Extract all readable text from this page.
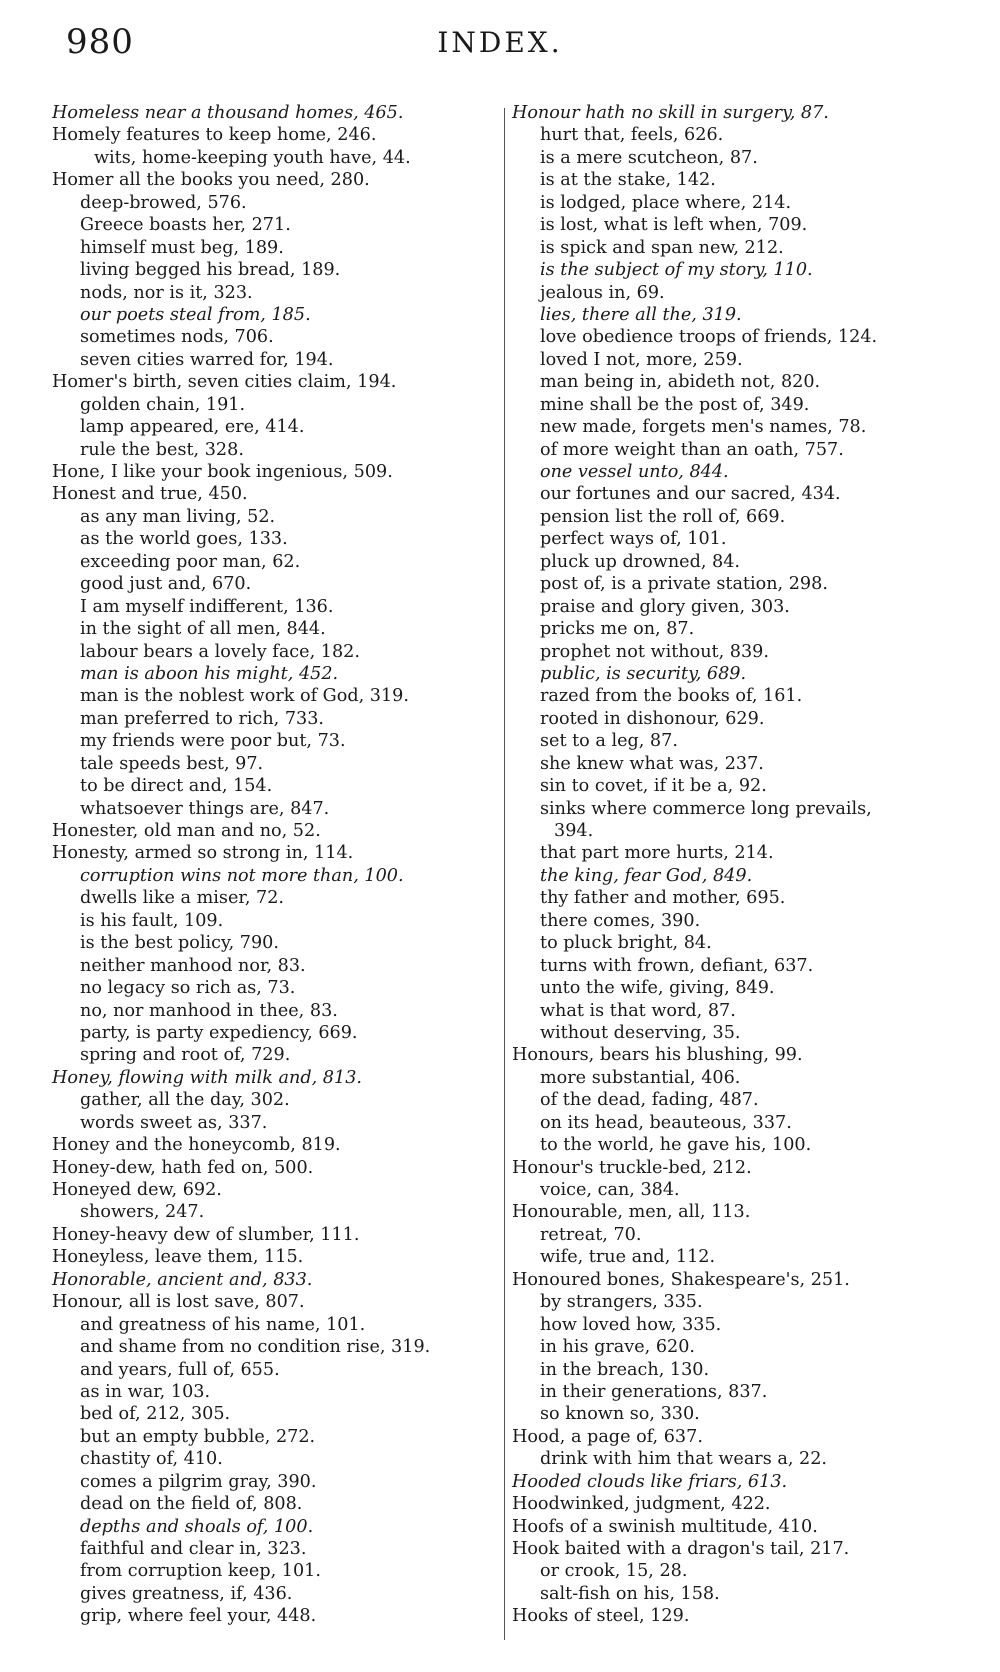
980	INDEX.
Homeless near a thousand homes, 465.
Homely features to keep home, 246.
wits, home-keeping youth have, 44.
Homer all the books you need, 280.
deep-browed, 576.
Greece boasts her, 271.
himself must beg, 189.
living begged his bread, 189.
nods, nor is it, 323.
our poets steal from, 185.
sometimes nods, 706.
seven cities warred for, 194.
Homer's birth, seven cities claim, 194.
golden chain, 191.
lamp appeared, ere, 414.
rule the best, 328.
Hone, I like your book ingenious, 509.
Honest and true, 450.
as any man living, 52.
as the world goes, 133.
exceeding poor man, 62.
good just and, 670.
I am myself indifferent, 136.
in the sight of all men, 844.
labour bears a lovely face, 182.
man is aboon his might, 452.
man is the noblest work of God, 319.
man preferred to rich, 733.
my friends were poor but, 73.
tale speeds best, 97.
to be direct and, 154.
whatsoever things are, 847.
Honester, old man and no, 52.
Honesty, armed so strong in, 114.
corruption wins not more than, 100.
dwells like a miser, 72.
is his fault, 109.
is the best policy, 790.
neither manhood nor, 83.
no legacy so rich as, 73.
no, nor manhood in thee, 83.
party, is party expediency, 669.
spring and root of, 729.
Honey, flowing with milk and, 813.
gather, all the day, 302.
words sweet as, 337.
Honey and the honeycomb, 819.
Honey-dew, hath fed on, 500.
Honeyed dew, 692.
showers, 247.
Honey-heavy dew of slumber, 111.
Honeyless, leave them, 115.
Honorable, ancient and, 833.
Honour, all is lost save, 807.
and greatness of his name, 101.
and shame from no condition rise, 319.
and years, full of, 655.
as in war, 103.
bed of, 212, 305.
but an empty bubble, 272.
chastity of, 410.
comes a pilgrim gray, 390.
dead on the field of, 808.
depths and shoals of, 100.
faithful and clear in, 323.
from corruption keep, 101.
gives greatness, if, 436.
grip, where feel your, 448.
Honour hath no skill in surgery, 87.
hurt that, feels, 626.
is a mere scutcheon, 87.
is at the stake, 142.
is lodged, place where, 214.
is lost, what is left when, 709.
is spick and span new, 212.
is the subject of my story, 110.
jealous in, 69.
lies, there all the, 319.
love obedience troops of friends, 124.
loved I not, more, 259.
man being in, abideth not, 820.
mine shall be the post of, 349.
new made, forgets men's names, 78.
of more weight than an oath, 757.
one vessel unto, 844.
our fortunes and our sacred, 434.
pension list the roll of, 669.
perfect ways of, 101.
pluck up drowned, 84.
post of, is a private station, 298.
praise and glory given, 303.
pricks me on, 87.
prophet not without, 839.
public, is security, 689.
razed from the books of, 161.
rooted in dishonour, 629.
set to a leg, 87.
she knew what was, 237.
sin to covet, if it be a, 92.
sinks where commerce long prevails,
394.
that part more hurts, 214.
the king, fear God, 849.
thy father and mother, 695.
there comes, 390.
to pluck bright, 84.
turns with frown, defiant, 637.
unto the wife, giving, 849.
what is that word, 87.
without deserving, 35.
Honours, bears his blushing, 99.
more substantial, 406.
of the dead, fading, 487.
on its head, beauteous, 337.
to the world, he gave his, 100.
Honour's truckle-bed, 212.
voice, can, 384.
Honourable, men, all, 113.
retreat, 70.
wife, true and, 112.
Honoured bones, Shakespeare's, 251.
by strangers, 335.
how loved how, 335.
in his grave, 620.
in the breach, 130.
in their generations, 837.
so known so, 330.
Hood, a page of, 637.
drink with him that wears a, 22.
Hooded clouds like friars, 613.
Hoodwinked, judgment, 422.
Hoofs of a swinish multitude, 410.
Hook baited with a dragon's tail, 217.
or crook, 15, 28.
salt-fish on his, 158.
Hooks of steel, 129.
